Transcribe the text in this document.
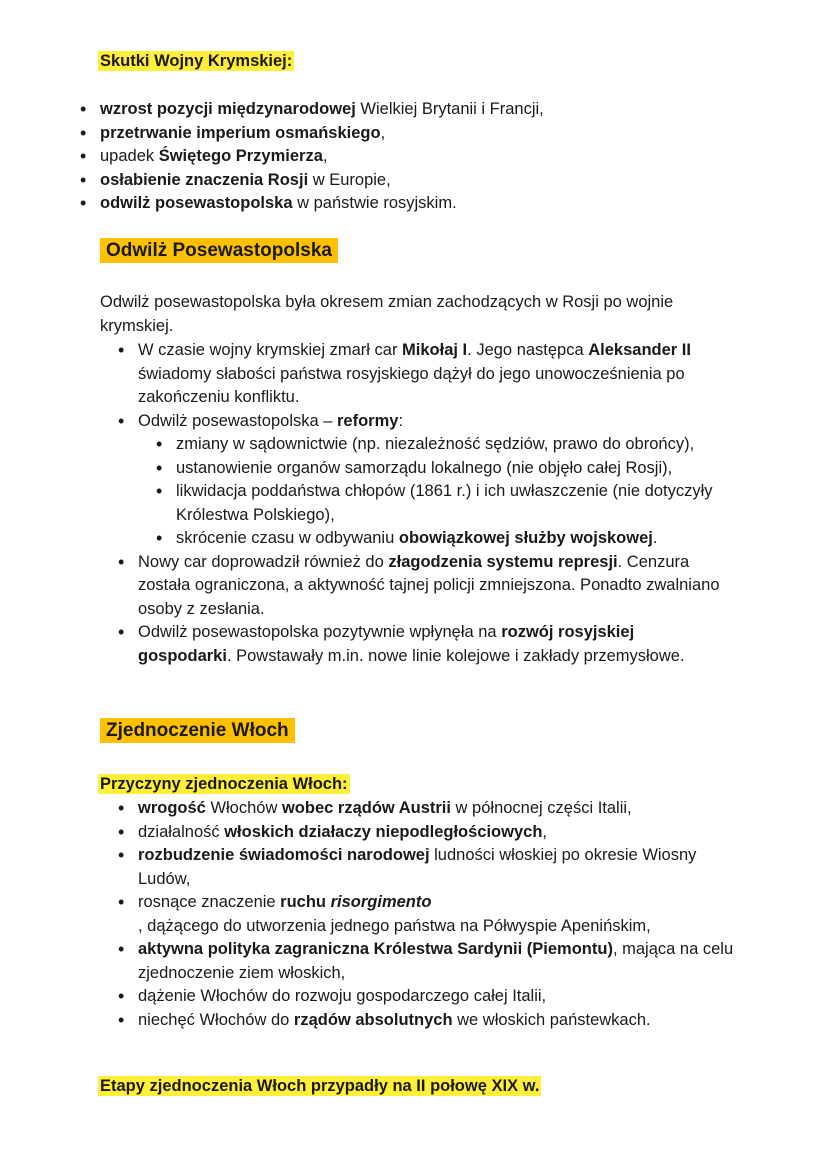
Skutki Wojny Krymskiej:
• wzrost pozycji międzynarodowej Wielkiej Brytanii i Francji,
• przetrwanie imperium osmańskiego,
• upadek Świętego Przymierza,
• osłabienie znaczenia Rosji w Europie,
• odwilż posewastopolska w państwie rosyjskim.
Odwilż Posewastopolska
Odwilż posewastopolska była okresem zmian zachodzących w Rosji po wojnie krymskiej.
• W czasie wojny krymskiej zmarł car Mikołaj I. Jego następca Aleksander II świadomy słabości państwa rosyjskiego dążył do jego unowocześnienia po zakończeniu konfliktu.
• Odwilż posewastopolska – reformy:
• zmiany w sądownictwie (np. niezależność sędziów, prawo do obrońcy),
• ustanowienie organów samorządu lokalnego (nie objęło całej Rosji),
• likwidacja poddaństwa chłopów (1861 r.) i ich uwłaszczenie (nie dotyczyły Królestwa Polskiego),
• skrócenie czasu w odbywaniu obowiązkowej służby wojskowej.
• Nowy car doprowadził również do złagodzenia systemu represji. Cenzura została ograniczona, a aktywność tajnej policji zmniejszona. Ponadto zwalniano osoby z zesłania.
• Odwilż posewastopolska pozytywnie wpłynęła na rozwój rosyjskiej gospodarki. Powstawały m.in. nowe linie kolejowe i zakłady przemysłowe.
Zjednoczenie Włoch
Przyczyny zjednoczenia Włoch:
• wrogość Włochów wobec rządów Austrii w północnej części Italii,
• działalność włoskich działaczy niepodległościowych,
• rozbudzenie świadomości narodowej ludności włoskiej po okresie Wiosny Ludów,
• rosnące znaczenie ruchu risorgimento
, dążącego do utworzenia jednego państwa na Półwyspie Apenińskim,
• aktywna polityka zagraniczna Królestwa Sardynii (Piemontu), mająca na celu zjednoczenie ziem włoskich,
• dążenie Włochów do rozwoju gospodarczego całej Italii,
• niechęć Włochów do rządów absolutnych we włoskich państewkach.
Etapy zjednoczenia Włoch przypadły na II połowę XIX w.
